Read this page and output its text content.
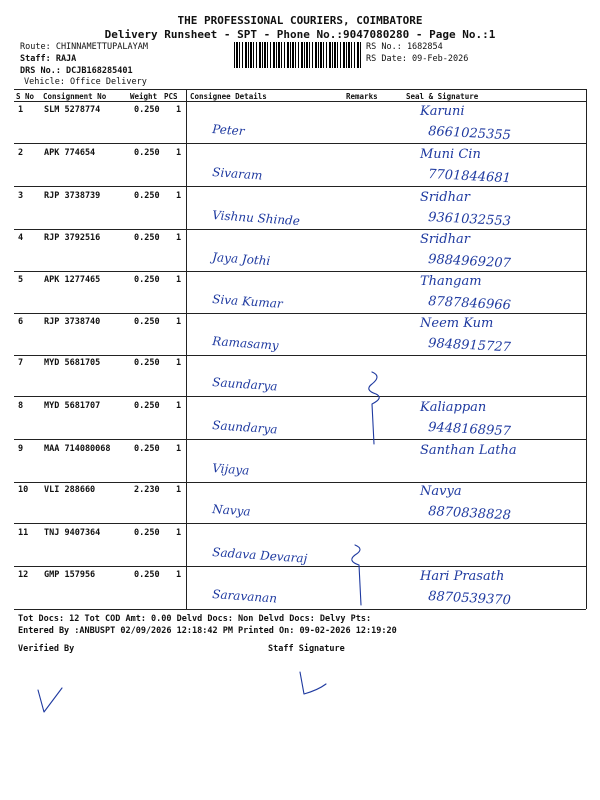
THE PROFESSIONAL COURIERS, COIMBATORE
Delivery Runsheet - SPT - Phone No.:9047080280 - Page No.:1
Route: CHINNAMETTUPALAYAM
Staff: RAJA
DRS No.: DCJB168285401
Vehicle: Office Delivery
RS No.: 1682854
RS Date: 09-Feb-2026
S No Consignment No	Weight PCS Consignee Details	Remarks	Seal & Signature
1 SLM 5278774	0.250 1
Peter
Karuni
8661025355
2 APK 774654	0.250 1
Sivaram
Muni Cin
7701844681
3 RJP 3738739	0.250 1
Vishnu Shinde
Sridhar
9361032553
4 RJP 3792516	0.250 1
Jaya Jothi
Sridhar
9884969207
5 APK 1277465	0.250 1
Siva Kumar
Thangam
8787846966
6 RJP 3738740	0.250 1
Ramasamy
Neem Kum
9848915727
7 MYD 5681705	0.250 1
Saundarya
8 MYD 5681707	0.250 1
Saundarya
Kaliappan
9448168957
9 MAA 714080068	0.250 1
Vijaya
Santhan Latha
10 VLI 288660	2.230 1
Navya
Navya
8870838828
11 TNJ 9407364	0.250 1
Sadava Devaraj
12 GMP 157956	0.250 1
Saravanan
Hari Prasath
8870539370
Tot Docs: 12 Tot COD Amt: 0.00 Delvd Docs: Non Delvd Docs: Delvy Pts:
Entered By :ANBUSPT 02/09/2026 12:18:42 PM Printed On: 09-02-2026 12:19:20
Verified By	Staff Signature
